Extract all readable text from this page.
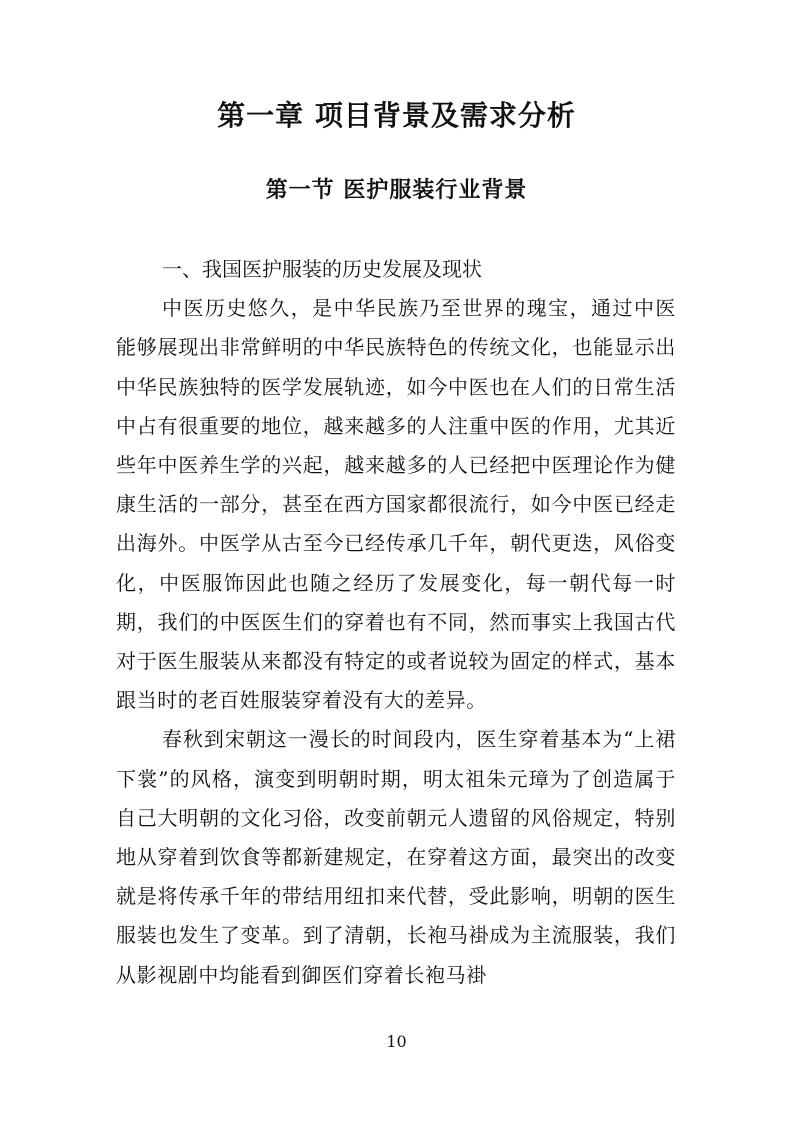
第一章 项目背景及需求分析
第一节 医护服装行业背景

一、我国医护服装的历史发展及现状

中医历史悠久，是中华民族乃至世界的瑰宝，通过中医能够展现出非常鲜明的中华民族特色的传统文化，也能显示出中华民族独特的医学发展轨迹，如今中医也在人们的日常生活中占有很重要的地位，越来越多的人注重中医的作用，尤其近些年中医养生学的兴起，越来越多的人已经把中医理论作为健康生活的一部分，甚至在西方国家都很流行，如今中医已经走出海外。中医学从古至今已经传承几千年，朝代更迭，风俗变化，中医服饰因此也随之经历了发展变化，每一朝代每一时期，我们的中医医生们的穿着也有不同，然而事实上我国古代对于医生服装从来都没有特定的或者说较为固定的样式，基本跟当时的老百姓服装穿着没有大的差异。

春秋到宋朝这一漫长的时间段内，医生穿着基本为“上裙下裳”的风格，演变到明朝时期，明太祖朱元璋为了创造属于自己大明朝的文化习俗，改变前朝元人遗留的风俗规定，特别地从穿着到饮食等都新建规定，在穿着这方面，最突出的改变就是将传承千年的带结用纽扣来代替，受此影响，明朝的医生服装也发生了变革。到了清朝，长袍马褂成为主流服装，我们从影视剧中均能看到御医们穿着长袍马褂

10
